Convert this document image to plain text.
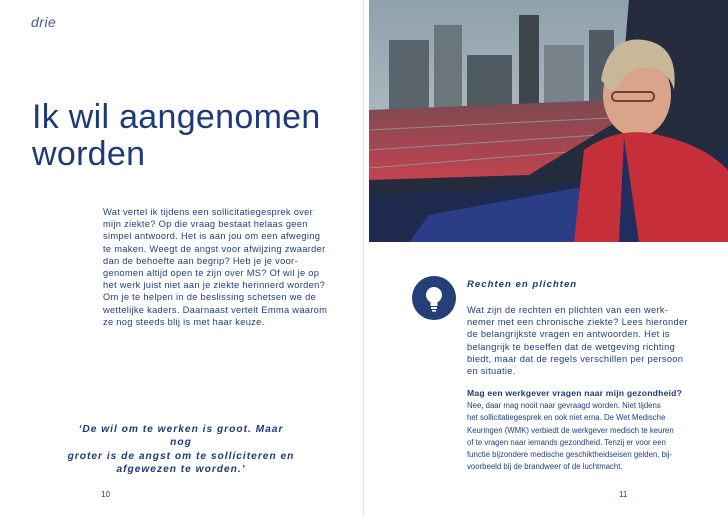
drie
Ik wil aangenomen worden
Wat vertel ik tijdens een sollicitatiegesprek over
mijn ziekte? Op die vraag bestaat helaas geen
simpel antwoord. Het is aan jou om een afweging
te maken. Weegt de angst voor afwijzing zwaarder
dan de behoefte aan begrip? Heb je je voor-
genomen altijd open te zijn over MS? Of wil je op
het werk juist niet aan je ziekte herinnerd worden?
Om je te helpen in de beslissing schetsen we de
wettelijke kaders. Daarnaast vertelt Emma waarom
ze nog steeds blij is met haar keuze.
‘De wil om te werken is groot. Maar nog
groter is de angst om te solliciteren en
afgewezen te worden.’
10
Rechten en plichten
Wat zijn de rechten en plichten van een werk-
nemer met een chronische ziekte? Lees hieronder
de belangrijkste vragen en antwoorden. Het is
belangrijk te beseffen dat de wetgeving richting
biedt, maar dat de regels verschillen per persoon
en situatie.
Mag een werkgever vragen naar mijn gezondheid?
Nee, daar mag nooit naar gevraagd worden. Niet tijdens
het sollicitatiegesprek en ook niet erna. De Wet Medische
Keuringen (WMK) verbiedt de werkgever medisch te keuren
of te vragen naar iemands gezondheid. Tenzij er voor een
functie bijzondere medische geschiktheidseisen gelden, bij-
voorbeeld bij de brandweer of de luchtmacht.
11
